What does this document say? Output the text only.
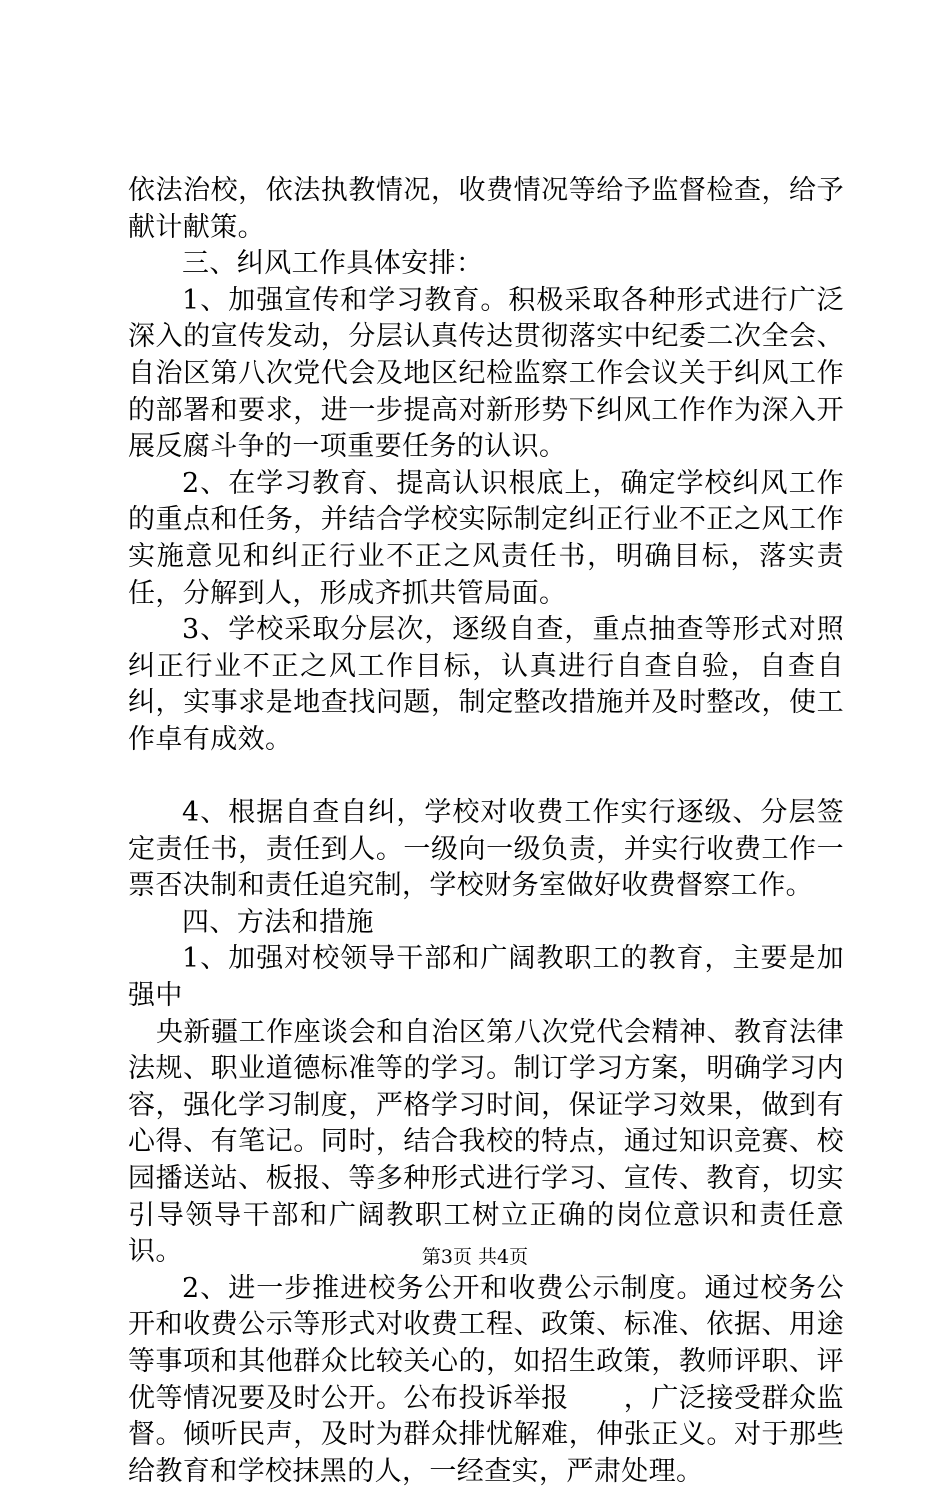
依法治校，依法执教情况，收费情况等给予监督检查，给予献计献策。

三、纠风工作具体安排：

1、加强宣传和学习教育。积极采取各种形式进行广泛深入的宣传发动，分层认真传达贯彻落实中纪委二次全会、自治区第八次党代会及地区纪检监察工作会议关于纠风工作的部署和要求，进一步提高对新形势下纠风工作作为深入开展反腐斗争的一项重要任务的认识。

2、在学习教育、提高认识根底上，确定学校纠风工作的重点和任务，并结合学校实际制定纠正行业不正之风工作实施意见和纠正行业不正之风责任书，明确目标，落实责任，分解到人，形成齐抓共管局面。

3、学校采取分层次，逐级自查，重点抽查等形式对照纠正行业不正之风工作目标，认真进行自查自验，自查自纠，实事求是地查找问题，制定整改措施并及时整改，使工作卓有成效。

4、根据自查自纠，学校对收费工作实行逐级、分层签定责任书，责任到人。一级向一级负责，并实行收费工作一票否决制和责任追究制，学校财务室做好收费督察工作。

四、方法和措施

1、加强对校领导干部和广阔教职工的教育，主要是加强中

央新疆工作座谈会和自治区第八次党代会精神、教育法律法规、职业道德标准等的学习。制订学习方案，明确学习内容，强化学习制度，严格学习时间，保证学习效果，做到有心得、有笔记。同时，结合我校的特点，通过知识竞赛、校园播送站、板报、等多种形式进行学习、宣传、教育，切实引导领导干部和广阔教职工树立正确的岗位意识和责任意识。

2、进一步推进校务公开和收费公示制度。通过校务公开和收费公示等形式对收费工程、政策、标准、依据、用途等事项和其他群众比较关心的，如招生政策，教师评职、评优等情况要及时公开。公布投诉举报　　，广泛接受群众监督。倾听民声，及时为群众排忧解难，伸张正义。对于那些给教育和学校抹黑的人，一经查实，严肃处理。

第3页 共4页
